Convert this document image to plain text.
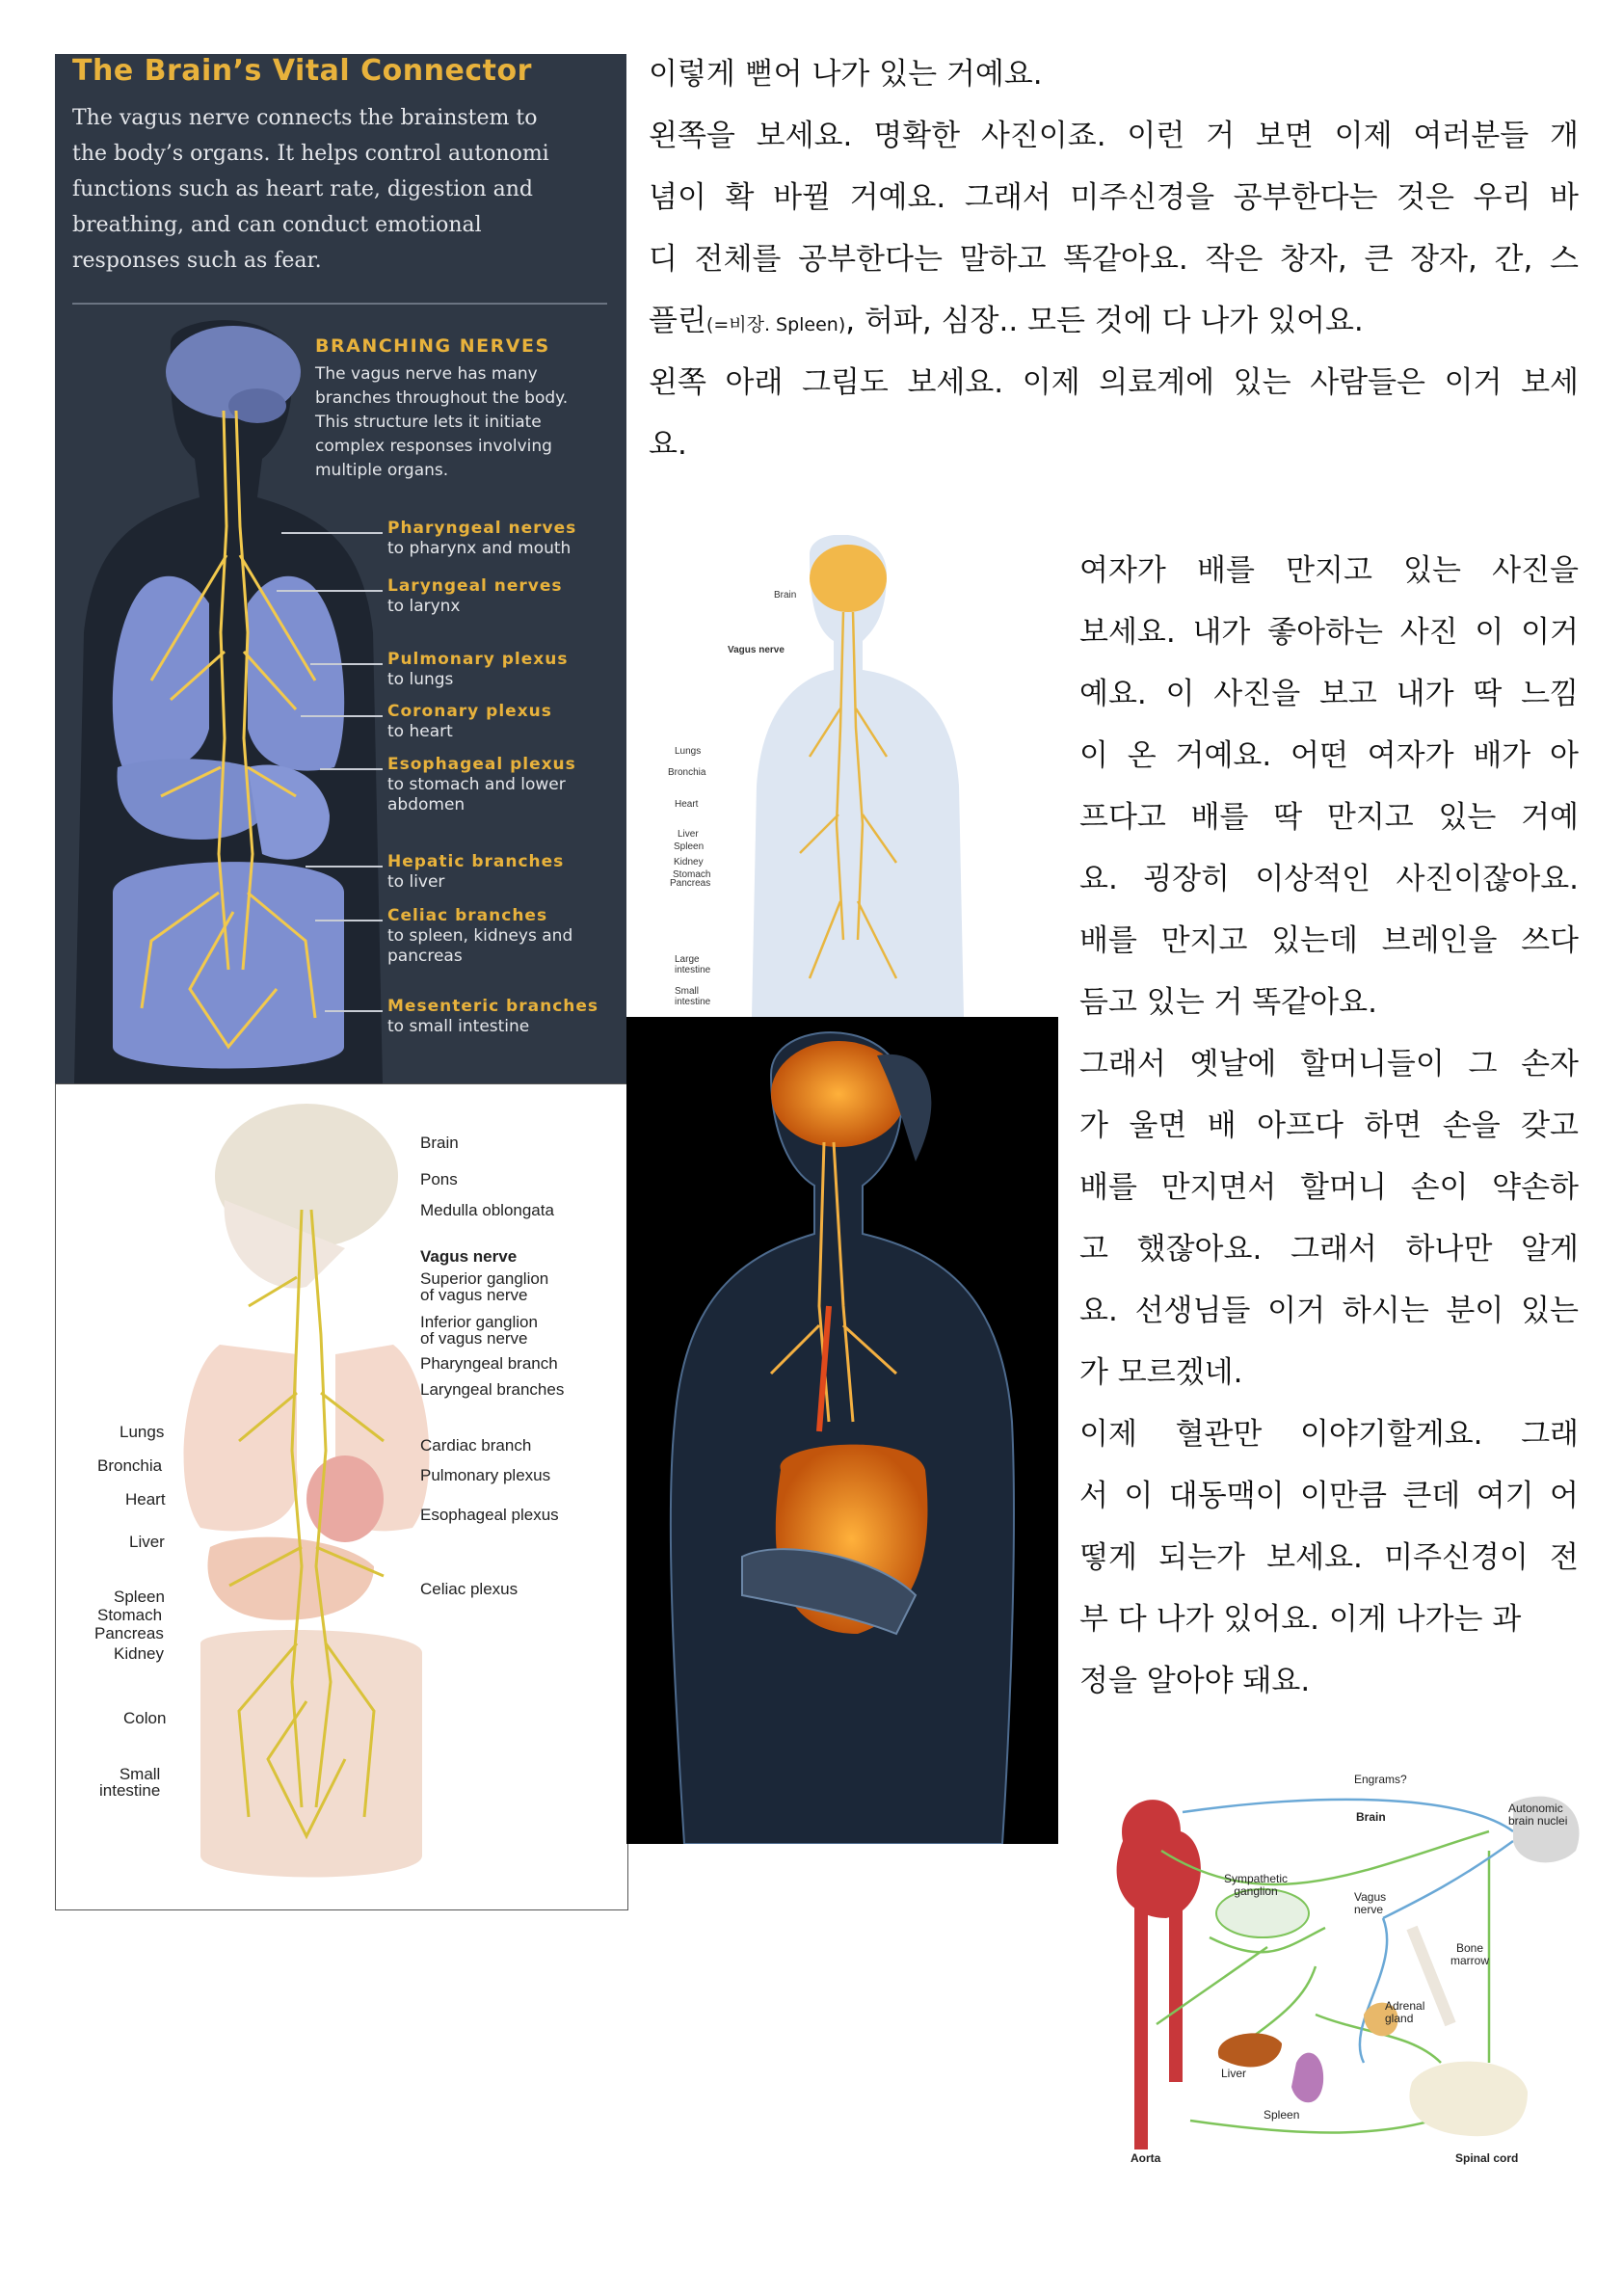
The Brain’s Vital Connector
The vagus nerve connects the brainstem to
the body’s organs. It helps control autonomi
functions such as heart rate, digestion and
breathing, and can conduct emotional
responses such as fear.
BRANCHING NERVES
The vagus nerve has many branches throughout the body. This structure lets it initiate complex responses involving multiple organs.
Pharyngeal nerves
to pharynx and mouth
Laryngeal nerves
to larynx
Pulmonary plexus
to lungs
Coronary plexus
to heart
Esophageal plexus
to stomach and lower abdomen
Hepatic branches
to liver
Celiac branches
to spleen, kidneys and pancreas
Mesenteric branches
to small intestine
Brain
Pons
Medulla oblongata
Vagus nerve
Superior ganglion
of vagus nerve
Inferior ganglion
of vagus nerve
Pharyngeal branch
Laryngeal branches
Cardiac branch
Pulmonary plexus
Esophageal plexus
Celiac plexus
Lungs
Bronchia
Heart
Liver
Spleen
Stomach
Pancreas
Kidney
Colon
Small
intestine
Brain
Vagus nerve
Lungs
Bronchia
Heart
Liver
Spleen
Kidney
Stomach
Pancreas
Large
intestine
Small
intestine
Engrams?
Brain
Autonomic
brain nuclei
Sympathetic
ganglion	Vagus
nerve
Bone
marrow
Adrenal
gland
Liver
Spleen
Aorta	Spinal cord
이렇게 뻗어 나가 있는 거예요.
왼쪽을 보세요. 명확한 사진이죠. 이런 거 보면 이제 여러분들 개
념이 확 바뀔 거예요. 그래서 미주신경을 공부한다는 것은 우리 바
디 전체를 공부한다는 말하고 똑같아요. 작은 창자, 큰 장자, 간, 스
플린(=비장. Spleen), 허파, 심장.. 모든 것에 다 나가 있어요.
왼쪽 아래 그림도 보세요. 이제 의료계에 있는 사람들은 이거 보세
요.
여자가 배를 만지고 있는 사진을
보세요. 내가 좋아하는 사진 이 이거
예요. 이 사진을 보고 내가 딱 느낌
이 온 거예요. 어떤 여자가 배가 아
프다고 배를 딱 만지고 있는 거예
요. 굉장히 이상적인 사진이잖아요.
배를 만지고 있는데 브레인을 쓰다
듬고 있는 거 똑같아요.
그래서 옛날에 할머니들이 그 손자
가 울면 배 아프다 하면 손을 갖고
배를 만지면서 할머니 손이 약손하
고 했잖아요. 그래서 하나만 알게
요. 선생님들 이거 하시는 분이 있는
가 모르겠네.
이제 혈관만 이야기할게요. 그래
서 이 대동맥이 이만큼 큰데 여기 어
떻게 되는가 보세요. 미주신경이 전
부 다 나가 있어요. 이게 나가는 과
정을 알아야 돼요.
